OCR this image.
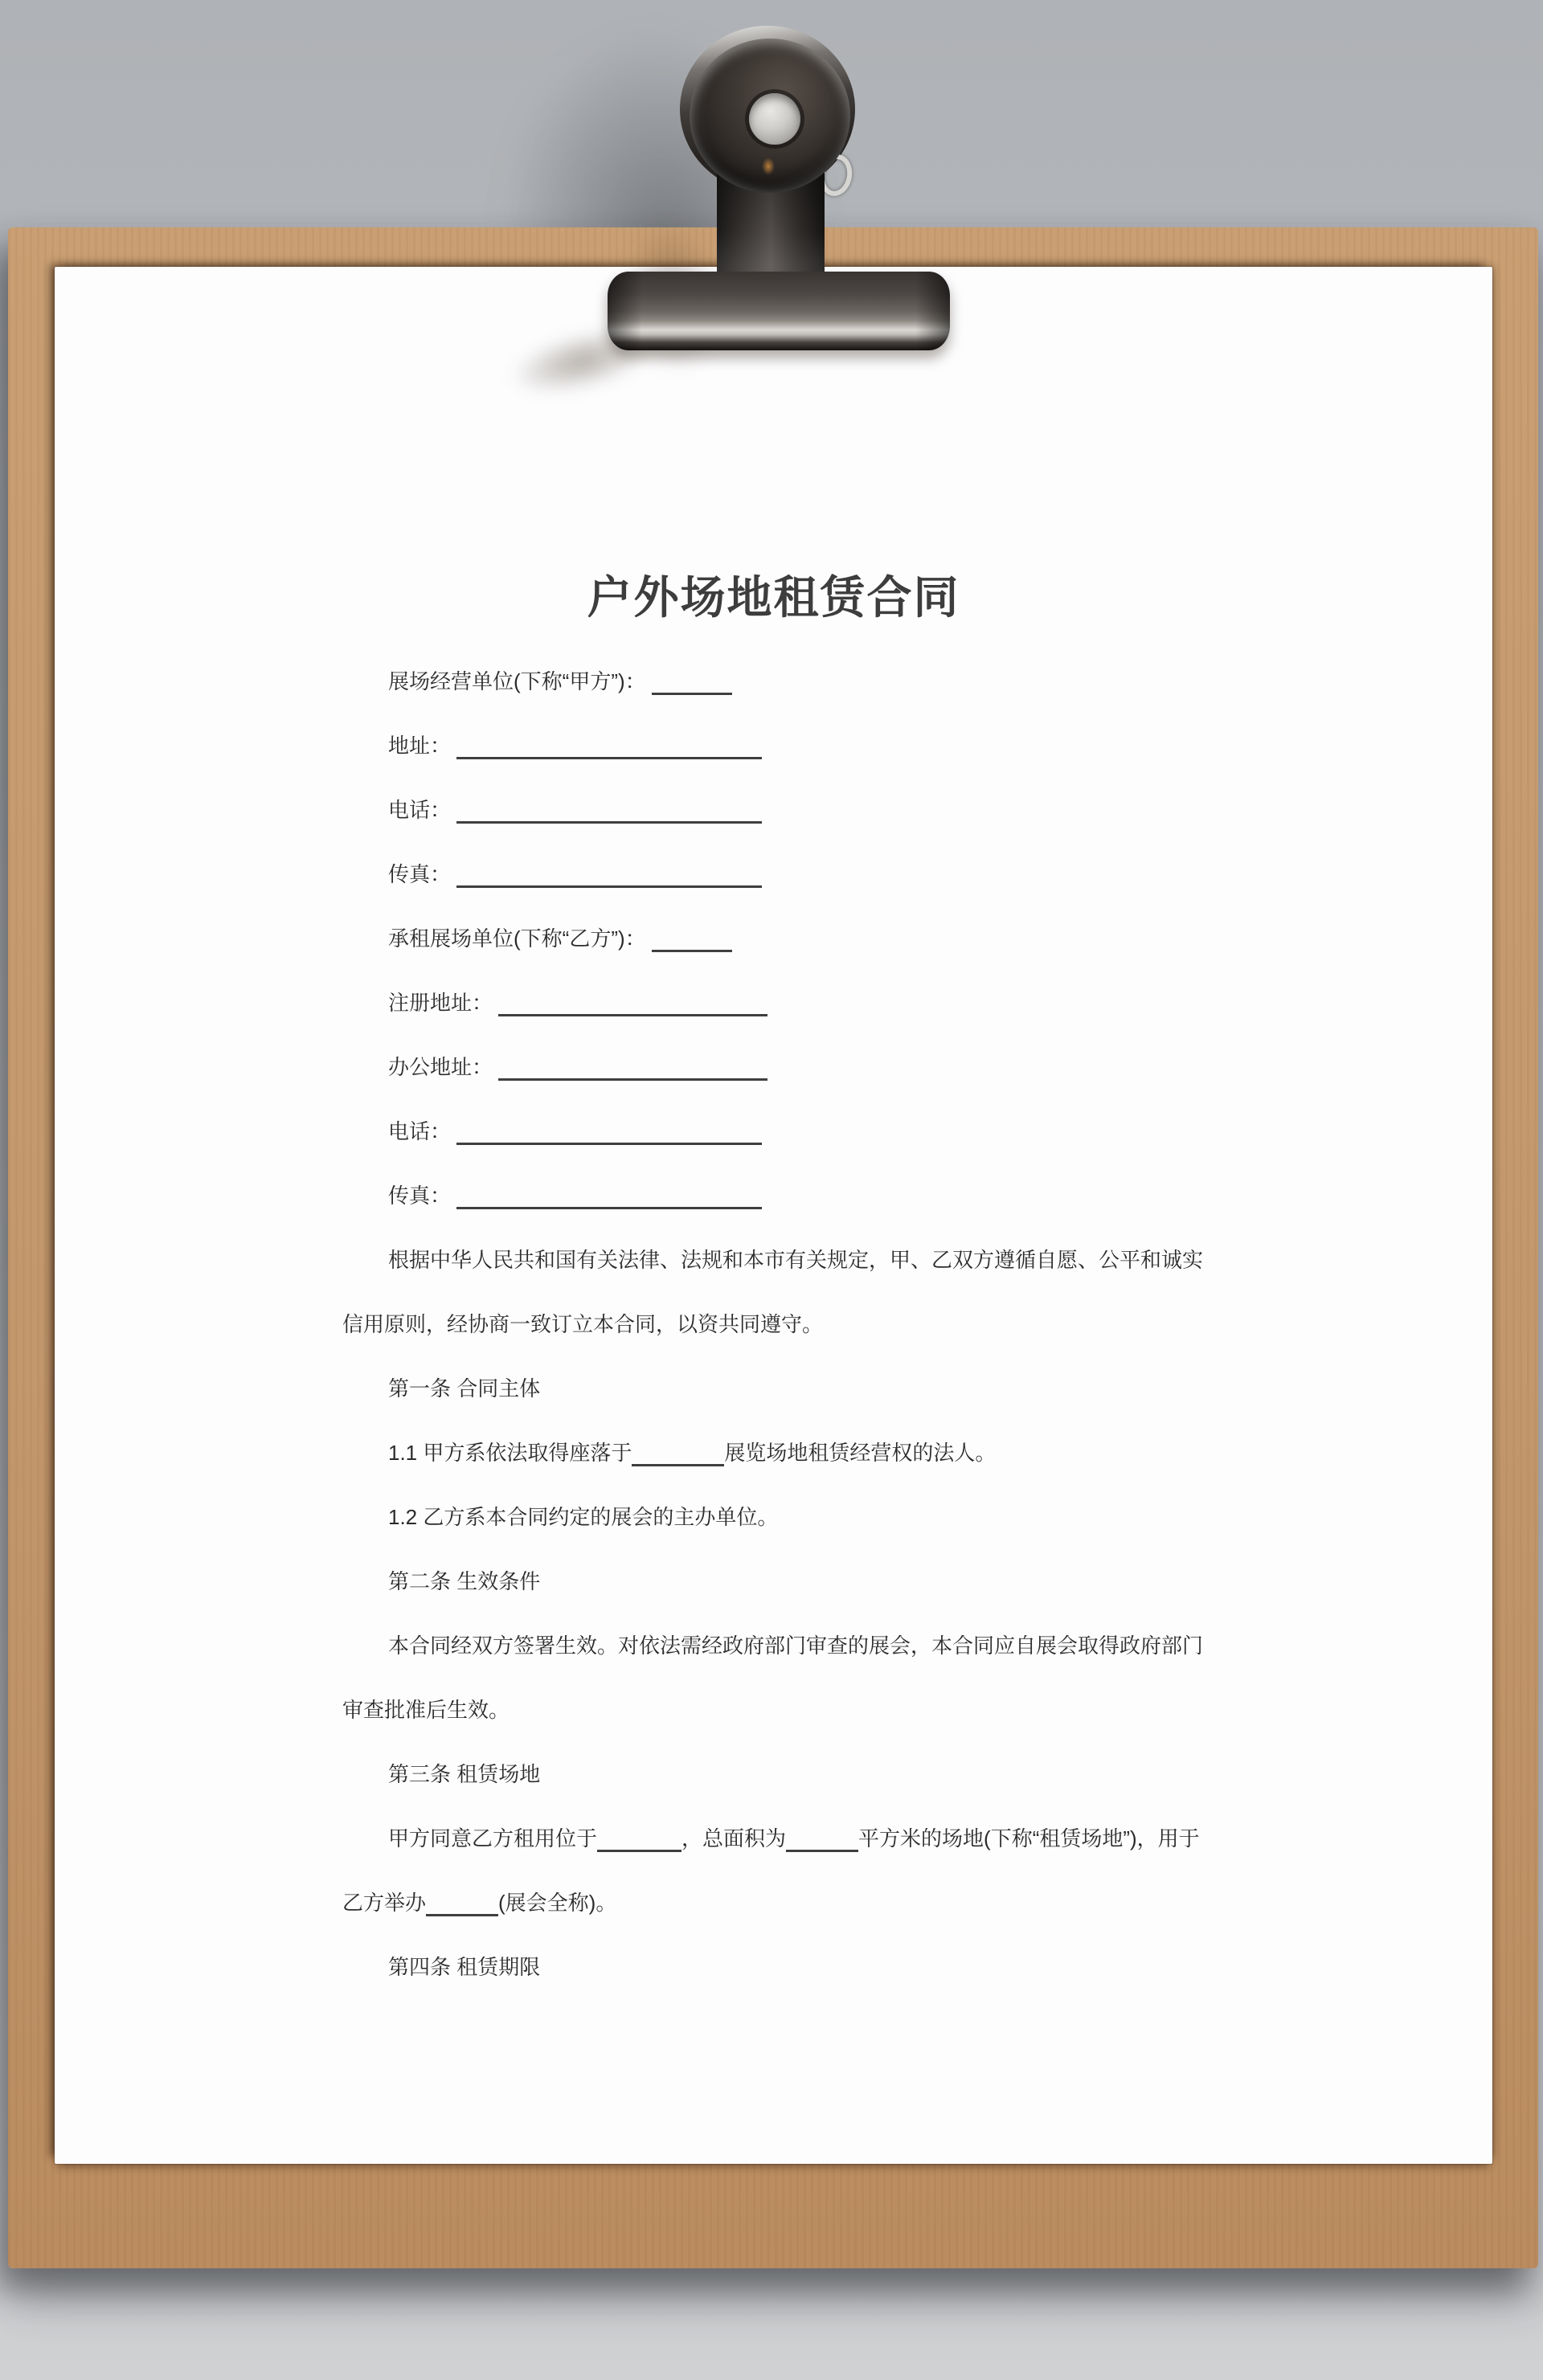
户外场地租赁合同

展场经营单位(下称“甲方”)：

地址：

电话：

传真：

承租展场单位(下称“乙方”)：

注册地址：

办公地址：

电话：

传真：

根据中华人民共和国有关法律、法规和本市有关规定，甲、乙双方遵循自愿、公平和诚实

信用原则，经协商一致订立本合同，以资共同遵守。

第一条 合同主体

1.1 甲方系依法取得座落于	展览场地租赁经营权的法人。

1.2 乙方系本合同约定的展会的主办单位。

第二条 生效条件

本合同经双方签署生效。对依法需经政府部门审查的展会，本合同应自展会取得政府部门

审查批准后生效。

第三条 租赁场地

甲方同意乙方租用位于	，总面积为	平方米的场地(下称“租赁场地”)，用于

乙方举办	(展会全称)。

第四条 租赁期限
